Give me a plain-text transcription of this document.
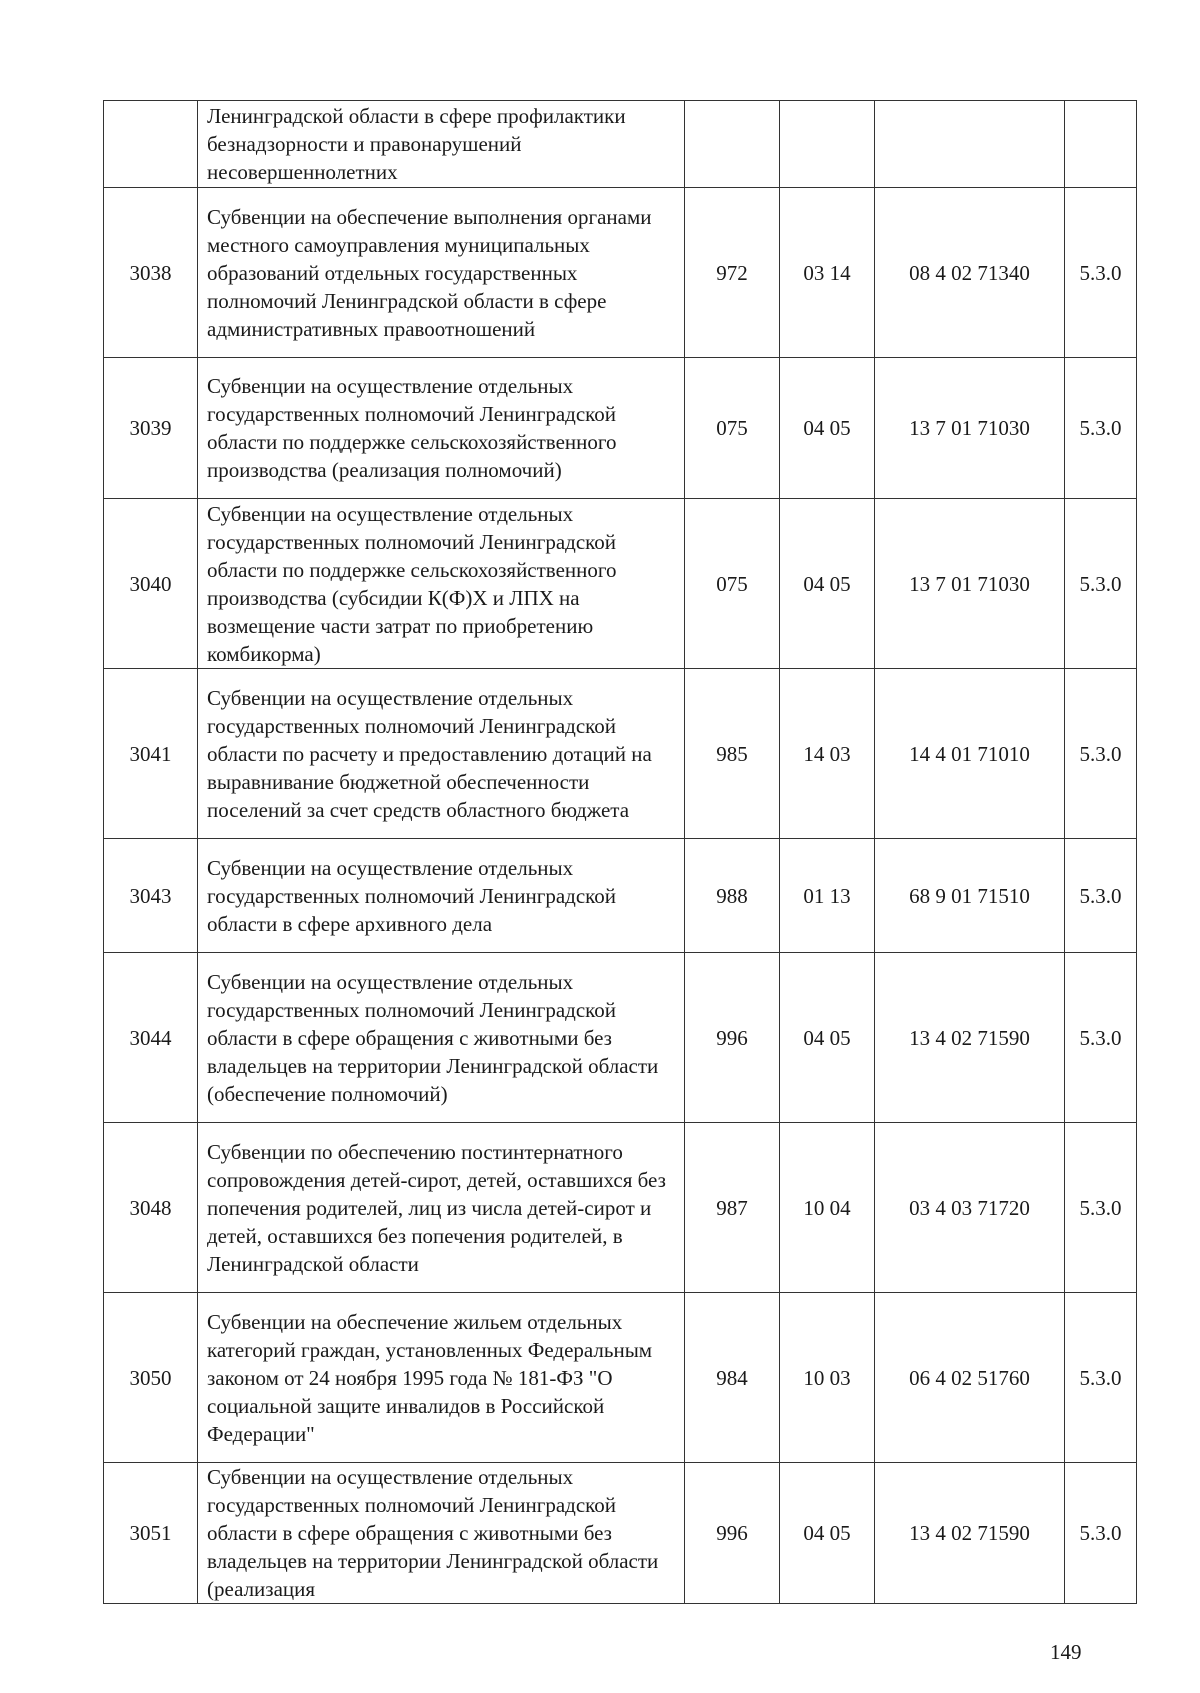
	Ленинградской области в сфере профилактики безнадзорности и правонарушений несовершеннолетних				
3038	Субвенции на обеспечение выполнения органами местного самоуправления муниципальных образований отдельных государственных полномочий Ленинградской области в сфере административных правоотношений	972	03 14	08 4 02 71340	5.3.0
3039	Субвенции на осуществление отдельных государственных полномочий Ленинградской области по поддержке сельскохозяйственного производства (реализация полномочий)	075	04 05	13 7 01 71030	5.3.0
3040	Субвенции на осуществление отдельных государственных полномочий Ленинградской области по поддержке сельскохозяйственного производства (субсидии К(Ф)Х и ЛПХ на возмещение части затрат по приобретению комбикорма)	075	04 05	13 7 01 71030	5.3.0
3041	Субвенции на осуществление отдельных государственных полномочий Ленинградской области по расчету и предоставлению дотаций на выравнивание бюджетной обеспеченности поселений за счет средств областного бюджета	985	14 03	14 4 01 71010	5.3.0
3043	Субвенции на осуществление отдельных государственных полномочий Ленинградской области в сфере архивного дела	988	01 13	68 9 01 71510	5.3.0
3044	Субвенции на осуществление отдельных государственных полномочий Ленинградской области в сфере обращения с животными без владельцев на территории Ленинградской области (обеспечение полномочий)	996	04 05	13 4 02 71590	5.3.0
3048	Субвенции по обеспечению постинтернатного сопровождения детей-сирот, детей, оставшихся без попечения родителей, лиц из числа детей-сирот и детей, оставшихся без попечения родителей, в Ленинградской области	987	10 04	03 4 03 71720	5.3.0
3050	Субвенции на обеспечение жильем отдельных категорий граждан, установленных Федеральным законом от 24 ноября 1995 года № 181-ФЗ "О социальной защите инвалидов в Российской Федерации"	984	10 03	06 4 02 51760	5.3.0
3051	Субвенции на осуществление отдельных государственных полномочий Ленинградской области в сфере обращения с животными без владельцев на территории Ленинградской области (реализация	996	04 05	13 4 02 71590	5.3.0
149
